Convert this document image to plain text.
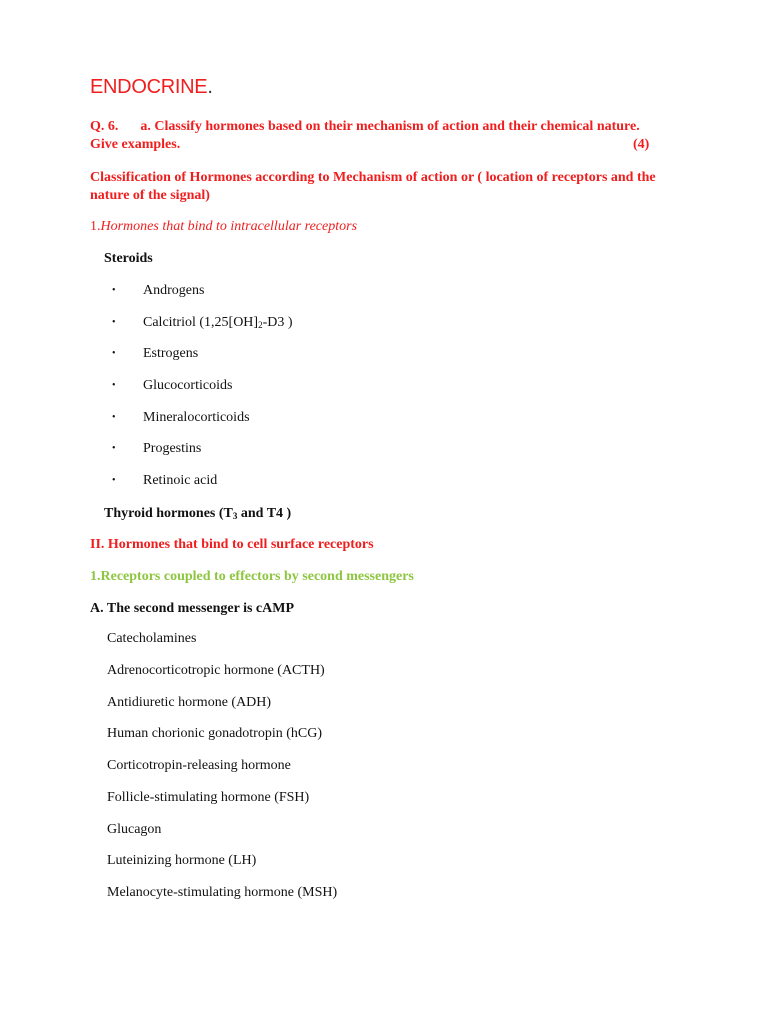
ENDOCRINE.
Q. 6. a. Classify hormones based on their mechanism of action and their chemical nature. Give examples.	(4)
Classification of Hormones according to Mechanism of action or ( location of receptors and the nature of the signal)
1.Hormones that bind to intracellular receptors
Steroids
• Androgens
• Calcitriol ($1,25[OH]_2-D3$ )
• Estrogens
• Glucocorticoids
• Mineralocorticoids
• Progestins
• Retinoic acid
Thyroid hormones ($T_3$ and T4 )
II. Hormones that bind to cell surface receptors
1.Receptors coupled to effectors by second messengers
A. The second messenger is cAMP
Catecholamines
Adrenocorticotropic hormone (ACTH)
Antidiuretic hormone (ADH)
Human chorionic gonadotropin (hCG)
Corticotropin-releasing hormone
Follicle-stimulating hormone (FSH)
Glucagon
Luteinizing hormone (LH)
Melanocyte-stimulating hormone (MSH)
